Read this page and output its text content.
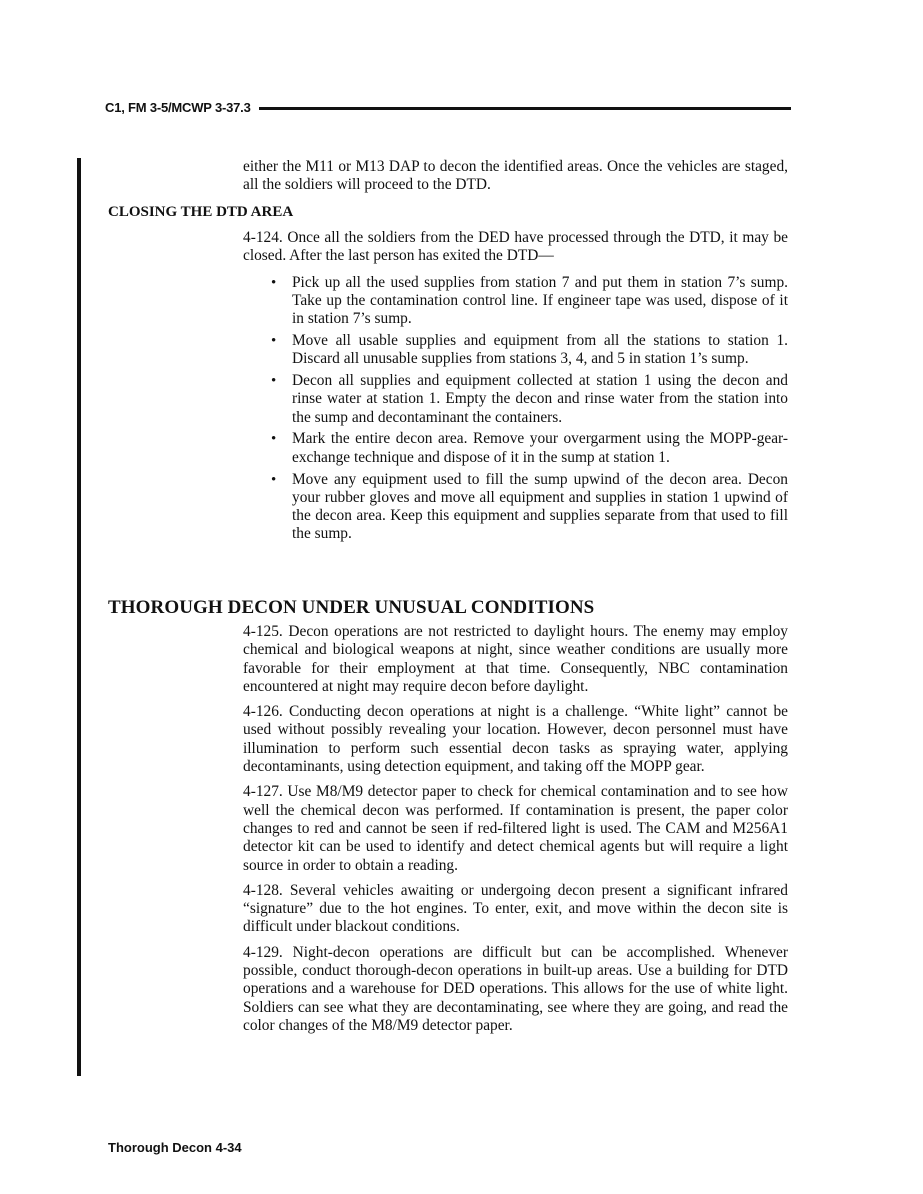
C1, FM 3-5/MCWP 3-37.3

either the M11 or M13 DAP to decon the identified areas. Once the vehicles are staged, all the soldiers will proceed to the DTD.

CLOSING THE DTD AREA

4-124. Once all the soldiers from the DED have processed through the DTD, it may be closed. After the last person has exited the DTD—

• Pick up all the used supplies from station 7 and put them in station 7’s sump. Take up the contamination control line. If engineer tape was used, dispose of it in station 7’s sump.
• Move all usable supplies and equipment from all the stations to station 1. Discard all unusable supplies from stations 3, 4, and 5 in station 1’s sump.
• Decon all supplies and equipment collected at station 1 using the decon and rinse water at station 1. Empty the decon and rinse water from the station into the sump and decontaminant the containers.
• Mark the entire decon area. Remove your overgarment using the MOPP-gear-exchange technique and dispose of it in the sump at station 1.
• Move any equipment used to fill the sump upwind of the decon area. Decon your rubber gloves and move all equipment and supplies in station 1 upwind of the decon area. Keep this equipment and supplies separate from that used to fill the sump.
THOROUGH DECON UNDER UNUSUAL CONDITIONS

4-125. Decon operations are not restricted to daylight hours. The enemy may employ chemical and biological weapons at night, since weather conditions are usually more favorable for their employment at that time. Consequently, NBC contamination encountered at night may require decon before daylight.

4-126. Conducting decon operations at night is a challenge. “White light” cannot be used without possibly revealing your location. However, decon personnel must have illumination to perform such essential decon tasks as spraying water, applying decontaminants, using detection equipment, and taking off the MOPP gear.

4-127. Use M8/M9 detector paper to check for chemical contamination and to see how well the chemical decon was performed. If contamination is present, the paper color changes to red and cannot be seen if red-filtered light is used. The CAM and M256A1 detector kit can be used to identify and detect chemical agents but will require a light source in order to obtain a reading.

4-128. Several vehicles awaiting or undergoing decon present a significant infrared “signature” due to the hot engines. To enter, exit, and move within the decon site is difficult under blackout conditions.

4-129. Night-decon operations are difficult but can be accomplished. Whenever possible, conduct thorough-decon operations in built-up areas. Use a building for DTD operations and a warehouse for DED operations. This allows for the use of white light. Soldiers can see what they are decontaminating, see where they are going, and read the color changes of the M8/M9 detector paper.

Thorough Decon 4-34
